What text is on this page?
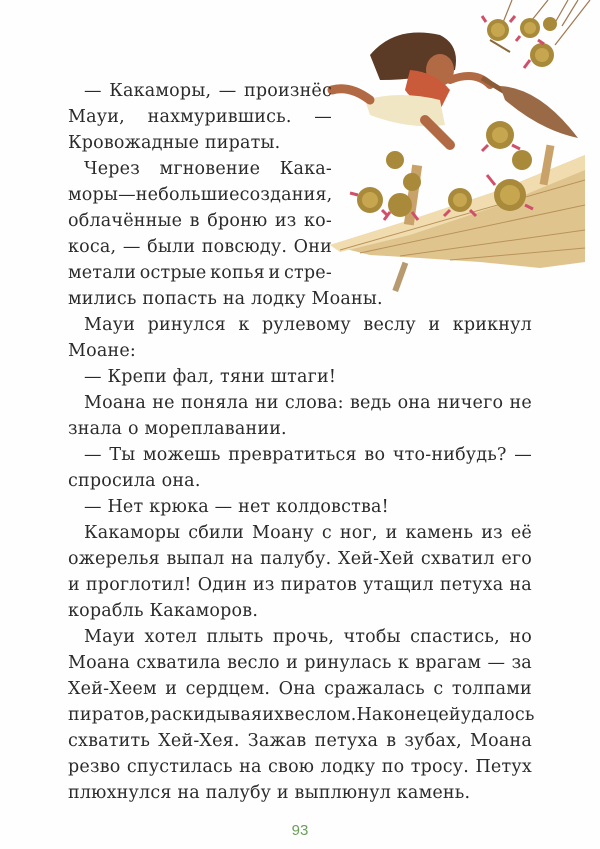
— Какаморы, — произнёс
Мауи, нахмурившись. —
Кровожадные пираты.
Через мгновение Кака-
моры — небольшие создания,
облачённые в броню из ко-
коса, — были повсюду. Они
метали острые копья и стре-
мились попасть на лодку Моаны.
Мауи ринулся к рулевому веслу и крикнул
Моане:
— Крепи фал, тяни штаги!
Моана не поняла ни слова: ведь она ничего не
знала о мореплавании.
— Ты можешь превратиться во что-нибудь? —
спросила она.
— Нет крюка — нет колдовства!
Какаморы сбили Моану с ног, и камень из её
ожерелья выпал на палубу. Хей-Хей схватил его
и проглотил! Один из пиратов утащил петуха на
корабль Какаморов.
Мауи хотел плыть прочь, чтобы спастись, но
Моана схватила весло и ринулась к врагам — за
Хей-Хеем и сердцем. Она сражалась с толпами
пиратов, раскидывая их веслом. Наконец ей удалось
схватить Хей-Хея. Зажав петуха в зубах, Моана
резво спустилась на свою лодку по тросу. Петух
плюхнулся на палубу и выплюнул камень.
93
